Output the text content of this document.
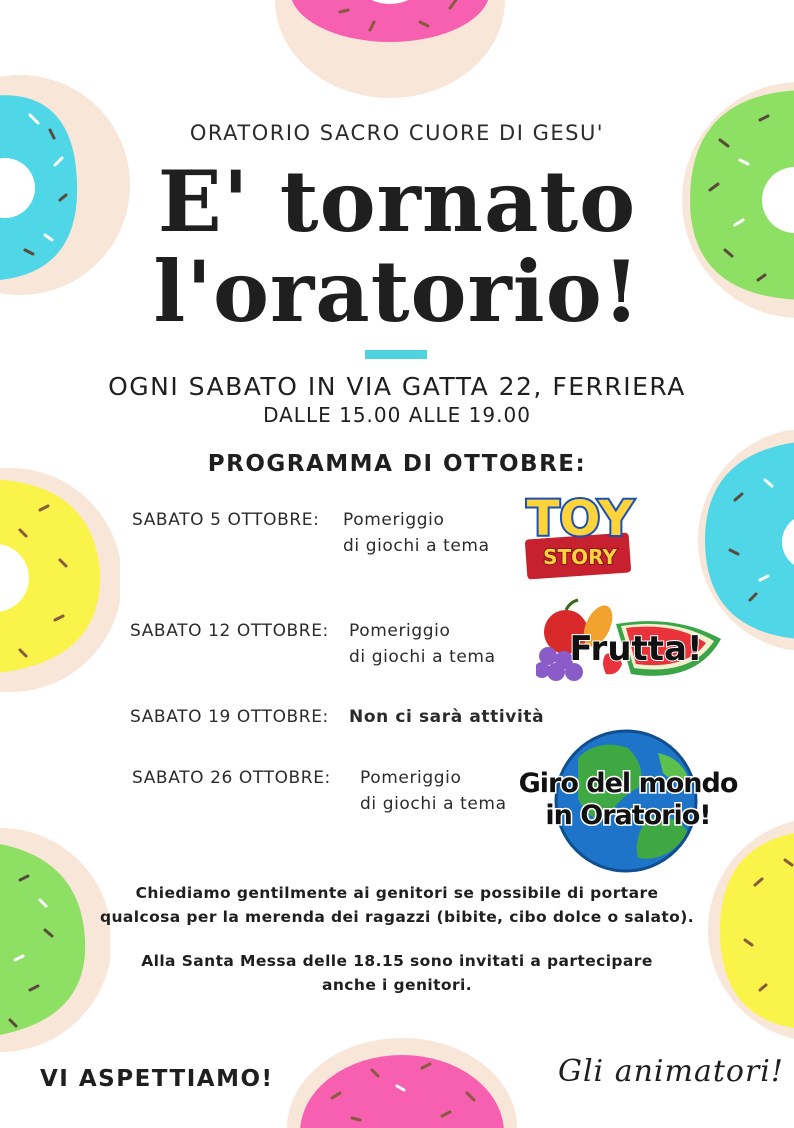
ORATORIO SACRO CUORE DI GESU'
E' tornato
l'oratorio!
OGNI SABATO IN VIA GATTA 22, FERRIERA
DALLE 15.00 ALLE 19.00
PROGRAMMA DI OTTOBRE:
SABATO 5 OTTOBRE: Pomeriggio
di giochi a tema TOY
STORY
SABATO 12 OTTOBRE: Pomeriggio
di giochi a tema Frutta!
SABATO 19 OTTOBRE: Non ci sarà attività
SABATO 26 OTTOBRE: Pomeriggio
di giochi a tema
Giro del mondo
in Oratorio!
Chiediamo gentilmente ai genitori se possibile di portare
qualcosa per la merenda dei ragazzi (bibite, cibo dolce o salato).
Alla Santa Messa delle 18.15 sono invitati a partecipare
anche i genitori.
VI ASPETTIAMO!	Gli animatori!
